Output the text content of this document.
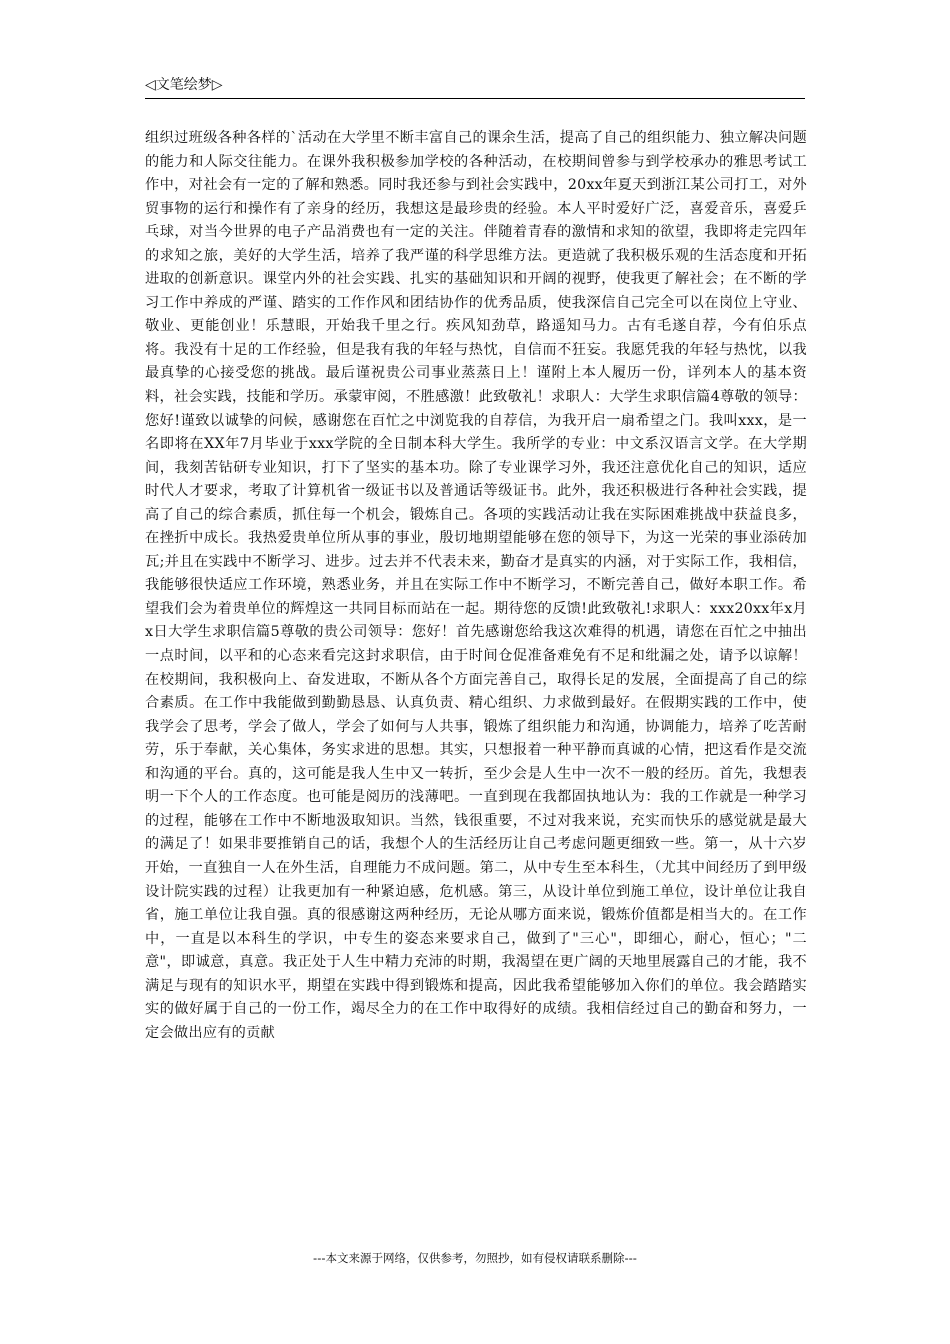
◁文笔绘梦▷

组织过班级各种各样的`活动在大学里不断丰富自己的课余生活，提高了自己的组织能力、独立解决问题的能力和人际交往能力。在课外我积极参加学校的各种活动，在校期间曾参与到学校承办的雅思考试工作中，对社会有一定的了解和熟悉。同时我还参与到社会实践中，20xx年夏天到浙江某公司打工，对外贸事物的运行和操作有了亲身的经历，我想这是最珍贵的经验。本人平时爱好广泛，喜爱音乐，喜爱乒乓球，对当今世界的电子产品消费也有一定的关注。伴随着青春的激情和求知的欲望，我即将走完四年的求知之旅，美好的大学生活，培养了我严谨的科学思维方法。更造就了我积极乐观的生活态度和开拓进取的创新意识。课堂内外的社会实践、扎实的基础知识和开阔的视野，使我更了解社会；在不断的学习工作中养成的严谨、踏实的工作作风和团结协作的优秀品质，使我深信自己完全可以在岗位上守业、敬业、更能创业！乐慧眼，开始我千里之行。疾风知劲草，路遥知马力。古有毛遂自荐，今有伯乐点将。我没有十足的工作经验，但是我有我的年轻与热忱，自信而不狂妄。我愿凭我的年轻与热忱，以我最真挚的心接受您的挑战。最后谨祝贵公司事业蒸蒸日上！谨附上本人履历一份，详列本人的基本资料，社会实践，技能和学历。承蒙审阅，不胜感激！此致敬礼！求职人：大学生求职信篇4尊敬的领导：您好!谨致以诚挚的问候，感谢您在百忙之中浏览我的自荐信，为我开启一扇希望之门。我叫xxx，是一名即将在XX年7月毕业于xxx学院的全日制本科大学生。我所学的专业：中文系汉语言文学。在大学期间，我刻苦钻研专业知识，打下了坚实的基本功。除了专业课学习外，我还注意优化自己的知识，适应时代人才要求，考取了计算机省一级证书以及普通话等级证书。此外，我还积极进行各种社会实践，提高了自己的综合素质，抓住每一个机会，锻炼自己。各项的实践活动让我在实际困难挑战中获益良多，在挫折中成长。我热爱贵单位所从事的事业，殷切地期望能够在您的领导下，为这一光荣的事业添砖加瓦;并且在实践中不断学习、进步。过去并不代表未来，勤奋才是真实的内涵，对于实际工作，我相信，我能够很快适应工作环境，熟悉业务，并且在实际工作中不断学习，不断完善自己，做好本职工作。希望我们会为着贵单位的辉煌这一共同目标而站在一起。期待您的反馈!此致敬礼!求职人：xxx20xx年x月x日大学生求职信篇5尊敬的贵公司领导：您好！首先感谢您给我这次难得的机遇，请您在百忙之中抽出一点时间，以平和的心态来看完这封求职信，由于时间仓促准备难免有不足和纰漏之处，请予以谅解！在校期间，我积极向上、奋发进取，不断从各个方面完善自己，取得长足的发展，全面提高了自己的综合素质。在工作中我能做到勤勤恳恳、认真负责、精心组织、力求做到最好。在假期实践的工作中，使我学会了思考，学会了做人，学会了如何与人共事，锻炼了组织能力和沟通，协调能力，培养了吃苦耐劳，乐于奉献，关心集体，务实求进的思想。其实，只想报着一种平静而真诚的心情，把这看作是交流和沟通的平台。真的，这可能是我人生中又一转折，至少会是人生中一次不一般的经历。首先，我想表明一下个人的工作态度。也可能是阅历的浅薄吧。一直到现在我都固执地认为：我的工作就是一种学习的过程，能够在工作中不断地汲取知识。当然，钱很重要，不过对我来说，充实而快乐的感觉就是最大的满足了！如果非要推销自己的话，我想个人的生活经历让自己考虑问题更细致一些。第一，从十六岁开始，一直独自一人在外生活，自理能力不成问题。第二，从中专生至本科生，（尤其中间经历了到甲级设计院实践的过程）让我更加有一种紧迫感，危机感。第三，从设计单位到施工单位，设计单位让我自省，施工单位让我自强。真的很感谢这两种经历，无论从哪方面来说，锻炼价值都是相当大的。在工作中，一直是以本科生的学识，中专生的姿态来要求自己，做到了"三心"，即细心，耐心，恒心；"二意"，即诚意，真意。我正处于人生中精力充沛的时期，我渴望在更广阔的天地里展露自己的才能，我不满足与现有的知识水平，期望在实践中得到锻炼和提高，因此我希望能够加入你们的单位。我会踏踏实实的做好属于自己的一份工作，竭尽全力的在工作中取得好的成绩。我相信经过自己的勤奋和努力，一定会做出应有的贡献

---本文来源于网络，仅供参考，勿照抄，如有侵权请联系删除---
